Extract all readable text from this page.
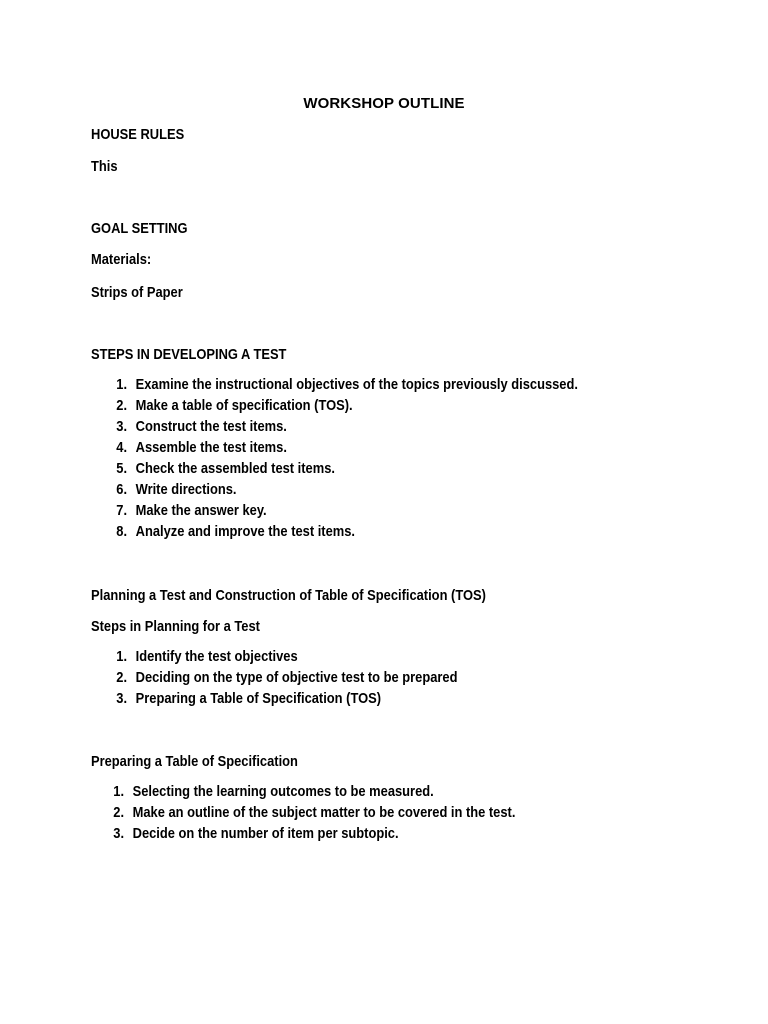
WORKSHOP OUTLINE
HOUSE RULES
This
GOAL SETTING
Materials:
Strips of Paper
STEPS IN DEVELOPING A TEST
1. Examine the instructional objectives of the topics previously discussed.
2. Make a table of specification (TOS).
3. Construct the test items.
4. Assemble the test items.
5. Check the assembled test items.
6. Write directions.
7. Make the answer key.
8. Analyze and improve the test items.
Planning a Test and Construction of Table of Specification (TOS)
Steps in Planning for a Test
1. Identify the test objectives
2. Deciding on the type of objective test to be prepared
3. Preparing a Table of Specification (TOS)
Preparing a Table of Specification
1. Selecting the learning outcomes to be measured.
2. Make an outline of the subject matter to be covered in the test.
3. Decide on the number of item per subtopic.
